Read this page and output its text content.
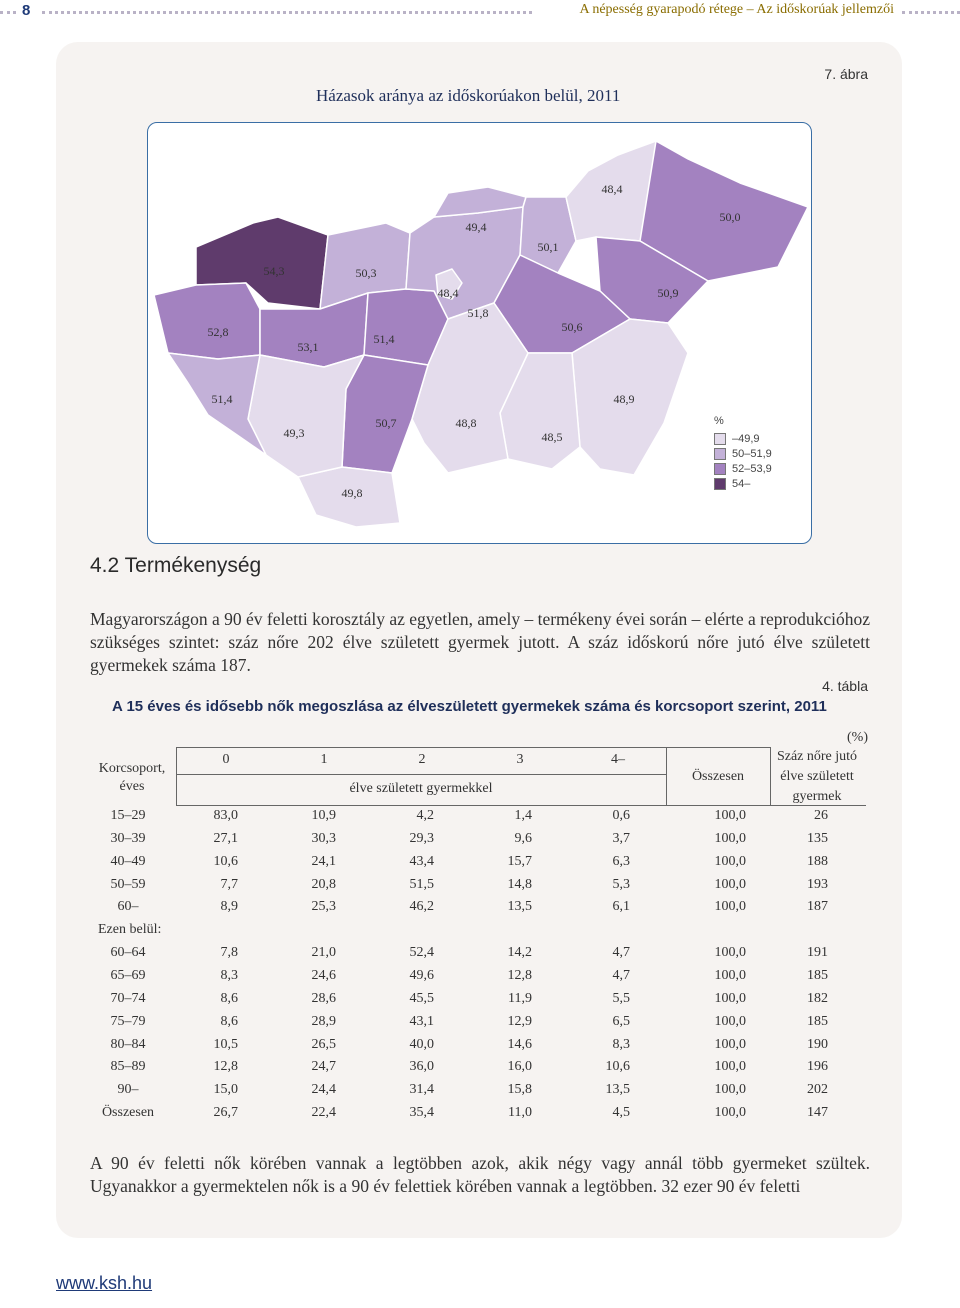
8	A népesség gyarapodó rétege – Az időskorúak jellemzői
7. ábra
Házasok aránya az időskorúakon belül, 2011
54,3	50,3
52,8
53,1
51,4
49,4
48,4
51,8
50,1
48,4
50,0
50,9
50,6
51,4
49,3
50,7	48,8
49,8
48,5
48,9
%
–49,9
50–51,9
52–53,9
54–
4.2 Termékenység
Magyarországon a 90 év feletti korosztály az egyetlen, amely – termékeny évei során – elérte a reprodukcióhoz szükséges szintet: száz nőre 202 élve született gyermek jutott. A száz időskorú nőre jutó élve született gyermekek száma 187.
4. tábla
A 15 éves és idősebb nők megoszlása az élveszületett gyermekek száma és korcsoport szerint, 2011
(%)
Korcsoport,
éves
0	1	2	3	4–
élve született gyermekkel
Összesen
Száz nőre jutó
élve született
gyermek
15–29	83,0	10,9	4,2	1,4	0,6	100,0	26
30–39	27,1	30,3	29,3	9,6	3,7	100,0	135
40–49	10,6	24,1	43,4	15,7	6,3	100,0	188
50–59	7,7	20,8	51,5	14,8	5,3	100,0	193
60–	8,9	25,3	46,2	13,5	6,1	100,0	187
Ezen belül:
60–64	7,8	21,0	52,4	14,2	4,7	100,0	191
65–69	8,3	24,6	49,6	12,8	4,7	100,0	185
70–74	8,6	28,6	45,5	11,9	5,5	100,0	182
75–79	8,6	28,9	43,1	12,9	6,5	100,0	185
80–84	10,5	26,5	40,0	14,6	8,3	100,0	190
85–89	12,8	24,7	36,0	16,0	10,6	100,0	196
90–	15,0	24,4	31,4	15,8	13,5	100,0	202
Összesen	26,7	22,4	35,4	11,0	4,5	100,0	147
A 90 év feletti nők körében vannak a legtöbben azok, akik négy vagy annál több gyermeket szültek. Ugyanakkor a gyermektelen nők is a 90 év felettiek körében vannak a legtöbben. 32 ezer 90 év feletti
www.ksh.hu
